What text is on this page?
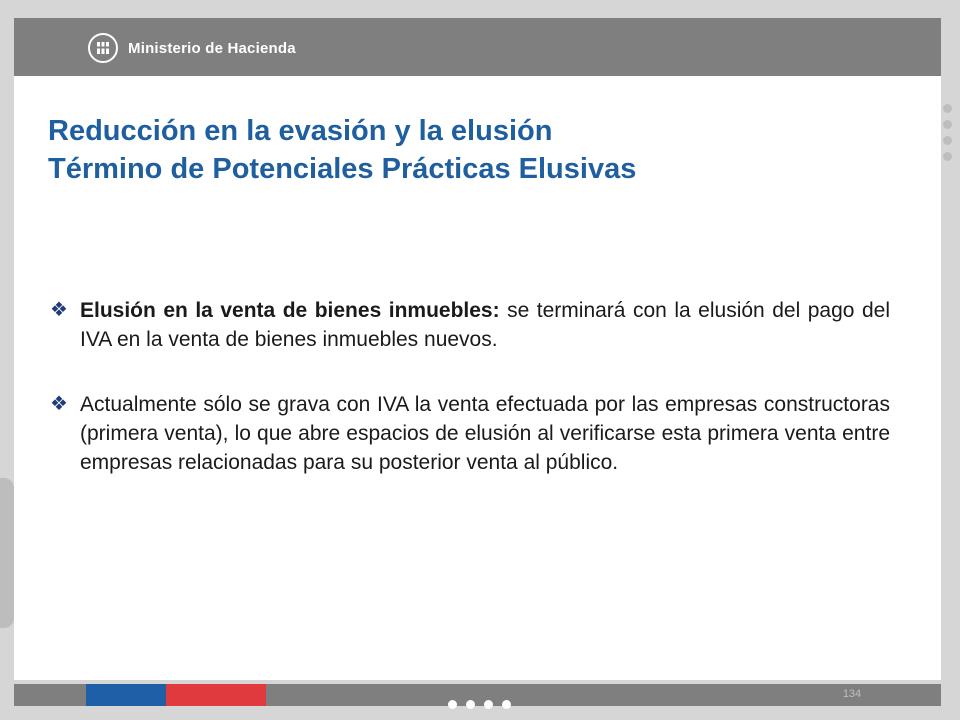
Ministerio de Hacienda
Reducción en la evasión y la elusión
Término de Potenciales Prácticas Elusivas
❖ Elusión en la venta de bienes inmuebles: se terminará con la elusión del pago del IVA en la venta de bienes inmuebles nuevos.

❖ Actualmente sólo se grava con IVA la venta efectuada por las empresas constructoras (primera venta), lo que abre espacios de elusión al verificarse esta primera venta entre empresas relacionadas para su posterior venta al público.

134
